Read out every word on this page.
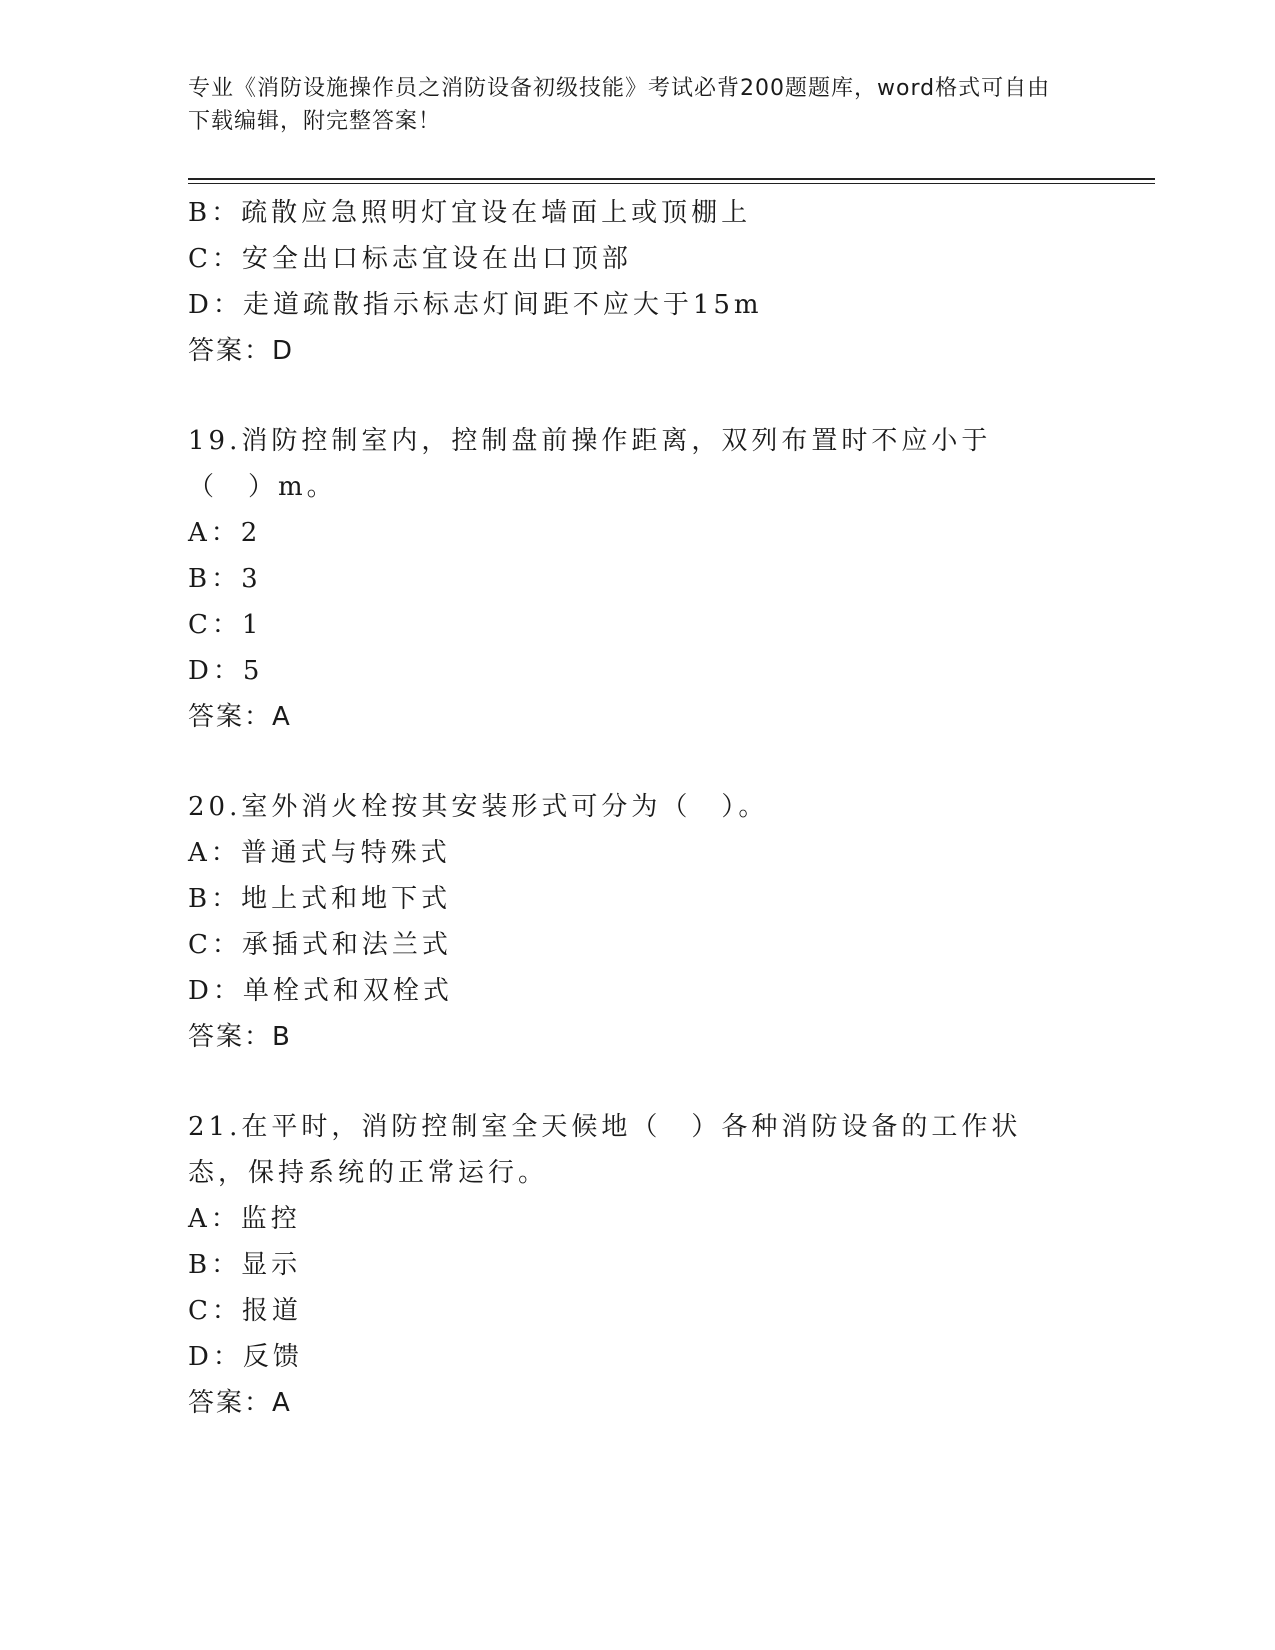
专业《消防设施操作员之消防设备初级技能》考试必背200题题库，word格式可自由下载编辑，附完整答案！
B：疏散应急照明灯宜设在墙面上或顶棚上
C：安全出口标志宜设在出口顶部
D：走道疏散指示标志灯间距不应大于15m
答案：D
19.消防控制室内，控制盘前操作距离，双列布置时不应小于（　）m。
A：2
B：3
C：1
D：5
答案：A
20.室外消火栓按其安装形式可分为（　）。
A：普通式与特殊式
B：地上式和地下式
C：承插式和法兰式
D：单栓式和双栓式
答案：B
21.在平时，消防控制室全天候地（　）各种消防设备的工作状态，保持系统的正常运行。
A：监控
B：显示
C：报道
D：反馈
答案：A
